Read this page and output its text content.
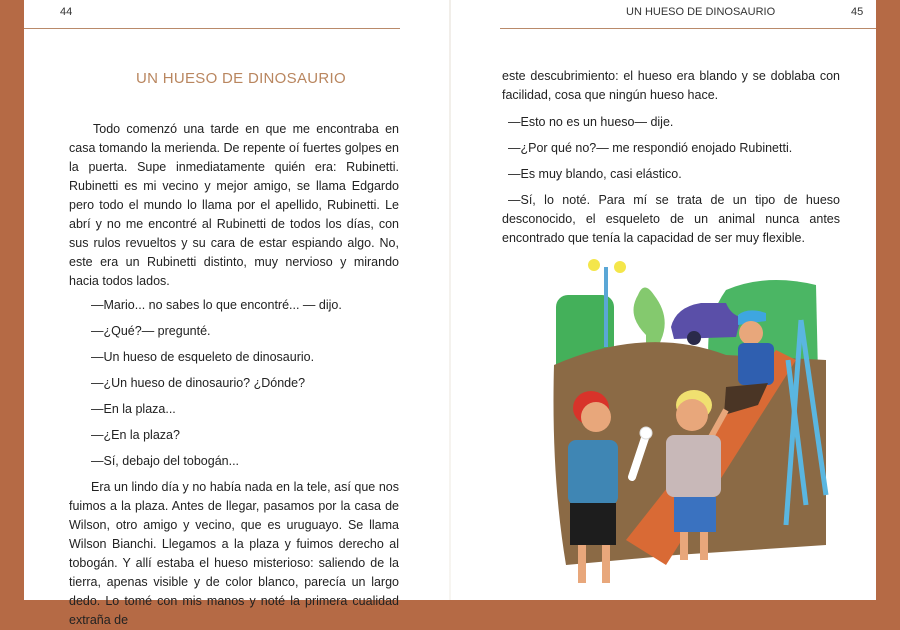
44
UN HUESO DE DINOSAURIO

Todo comenzó una tarde en que me encontraba en casa tomando la merienda. De repente oí fuertes golpes en la puerta. Supe inmediatamente quién era: Rubinetti. Rubinetti es mi vecino y mejor amigo, se llama Edgardo pero todo el mundo lo llama por el apellido, Rubinetti. Le abrí y no me encontré al Rubinetti de todos los días, con sus rulos revueltos y su cara de estar espiando algo. No, este era un Rubinetti distinto, muy nervioso y mirando hacia todos lados.

—Mario... no sabes lo que encontré... — dijo.

—¿Qué?— pregunté.

—Un hueso de esqueleto de dinosaurio.

—¿Un hueso de dinosaurio? ¿Dónde?

—En la plaza...

—¿En la plaza?

—Sí, debajo del tobogán...

Era un lindo día y no había nada en la tele, así que nos fuimos a la plaza. Antes de llegar, pasamos por la casa de Wilson, otro amigo y vecino, que es uruguayo. Se llama Wilson Bianchi. Llegamos a la plaza y fuimos derecho al tobogán. Y allí estaba el hueso misterioso: saliendo de la tierra, apenas visible y de color blanco, parecía un largo dedo. Lo tomé con mis manos y noté la primera cualidad extraña de

UN HUESO DE DINOSAURIO	45

este descubrimiento: el hueso era blando y se doblaba con facilidad, cosa que ningún hueso hace.

—Esto no es un hueso— dije.

—¿Por qué no?— me respondió enojado Rubinetti.

—Es muy blando, casi elástico.

—Sí, lo noté. Para mí se trata de un tipo de hueso desconocido, el esqueleto de un animal nunca antes encontrado que tenía la capacidad de ser muy flexible.
